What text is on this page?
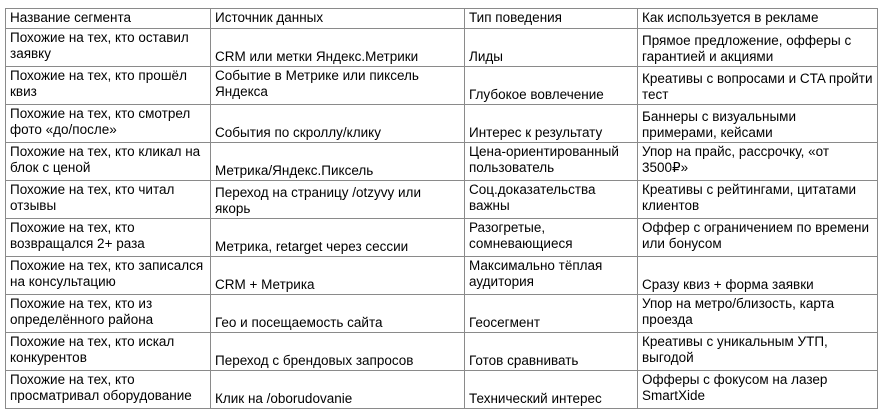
Название сегмента	Источник данных	Тип поведения	Как используется в рекламе
Похожие на тех, кто оставил заявку	CRM или метки Яндекс.Метрики	Лиды	Прямое предложение, офферы с гарантией и акциями
Похожие на тех, кто прошёл квиз	Событие в Метрике или пиксель Яндекса	Глубокое вовлечение	Креативы с вопросами и CTA пройти тест
Похожие на тех, кто смотрел фото «до/после»	События по скроллу/клику	Интерес к результату	Баннеры с визуальными примерами, кейсами
Похожие на тех, кто кликал на блок с ценой	Метрика/Яндекс.Пиксель	Цена-ориентированный пользователь	Упор на прайс, рассрочку, «от 3500₽»
Похожие на тех, кто читал отзывы	Переход на страницу /otzyvy или якорь	Соц.доказательства важны	Креативы с рейтингами, цитатами клиентов
Похожие на тех, кто возвращался 2+ раза	Метрика, retarget через сессии	Разогретые, сомневающиеся	Оффер с ограничением по времени или бонусом
Похожие на тех, кто записался на консультацию	CRM + Метрика	Максимально тёплая аудитория	Сразу квиз + форма заявки
Похожие на тех, кто из определённого района	Гео и посещаемость сайта	Геосегмент	Упор на метро/близость, карта проезда
Похожие на тех, кто искал конкурентов	Переход с брендовых запросов	Готов сравнивать	Креативы с уникальным УТП, выгодой
Похожие на тех, кто просматривал оборудование	Клик на /oborudovanie	Технический интерес	Офферы с фокусом на лазер SmartXide
